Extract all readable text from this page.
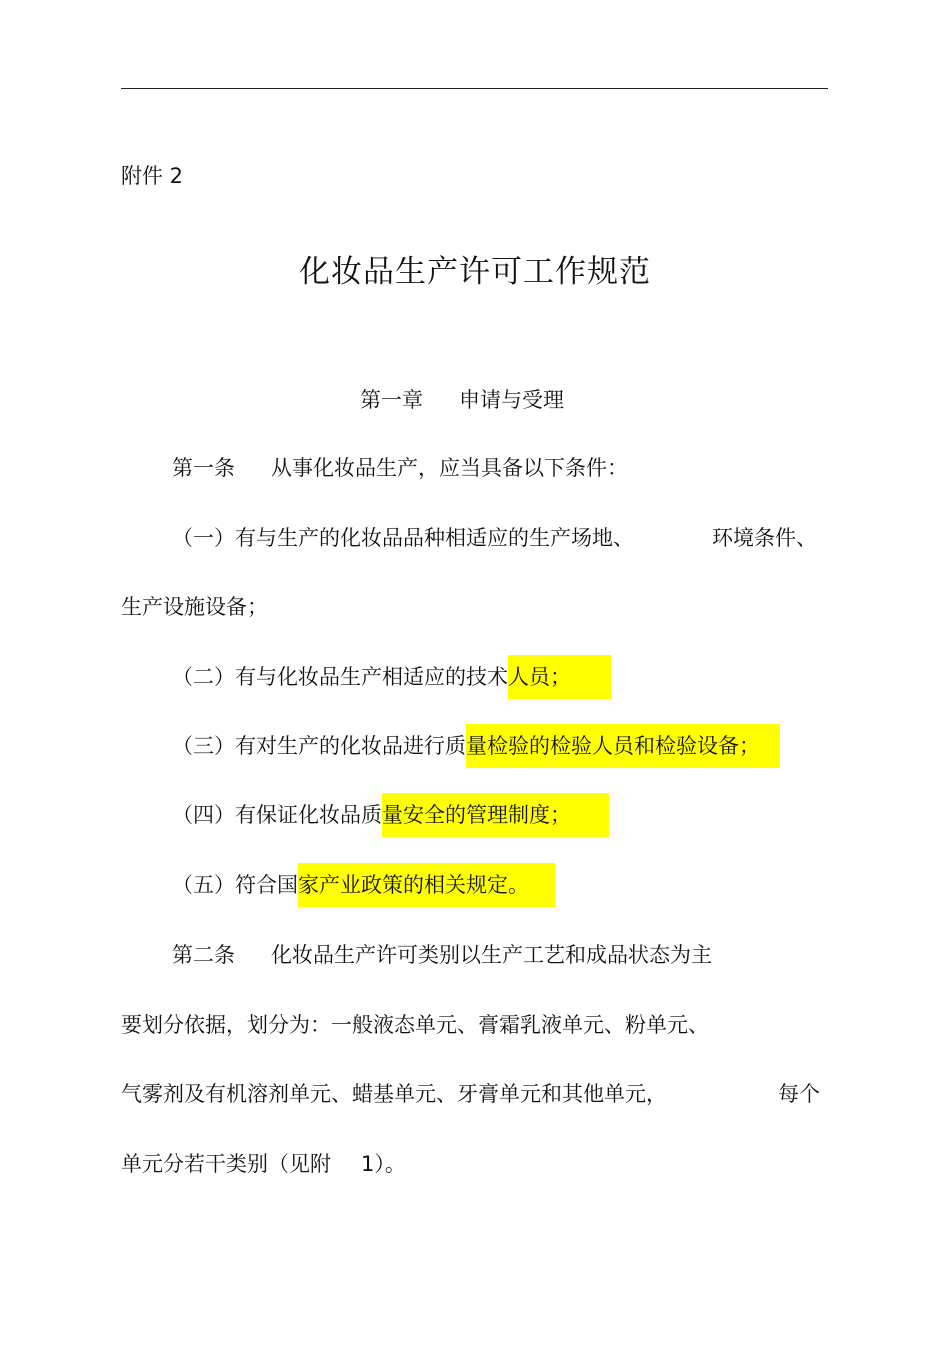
附件 2
化妆品生产许可工作规范
第一章 申请与受理
第一条 从事化妆品生产，应当具备以下条件：
（一）有与生产的化妆品品种相适应的生产场地、	环境条件、
生产设施设备；
（二）有与化妆品生产相适应的技术人员；
（三）有对生产的化妆品进行质量检验的检验人员和检验设备；
（四）有保证化妆品质量安全的管理制度；
（五）符合国家产业政策的相关规定。
第二条 化妆品生产许可类别以生产工艺和成品状态为主
要划分依据，划分为：一般液态单元、膏霜乳液单元、粉单元、
气雾剂及有机溶剂单元、蜡基单元、牙膏单元和其他单元，	每个
单元分若干类别（见附 1）。
